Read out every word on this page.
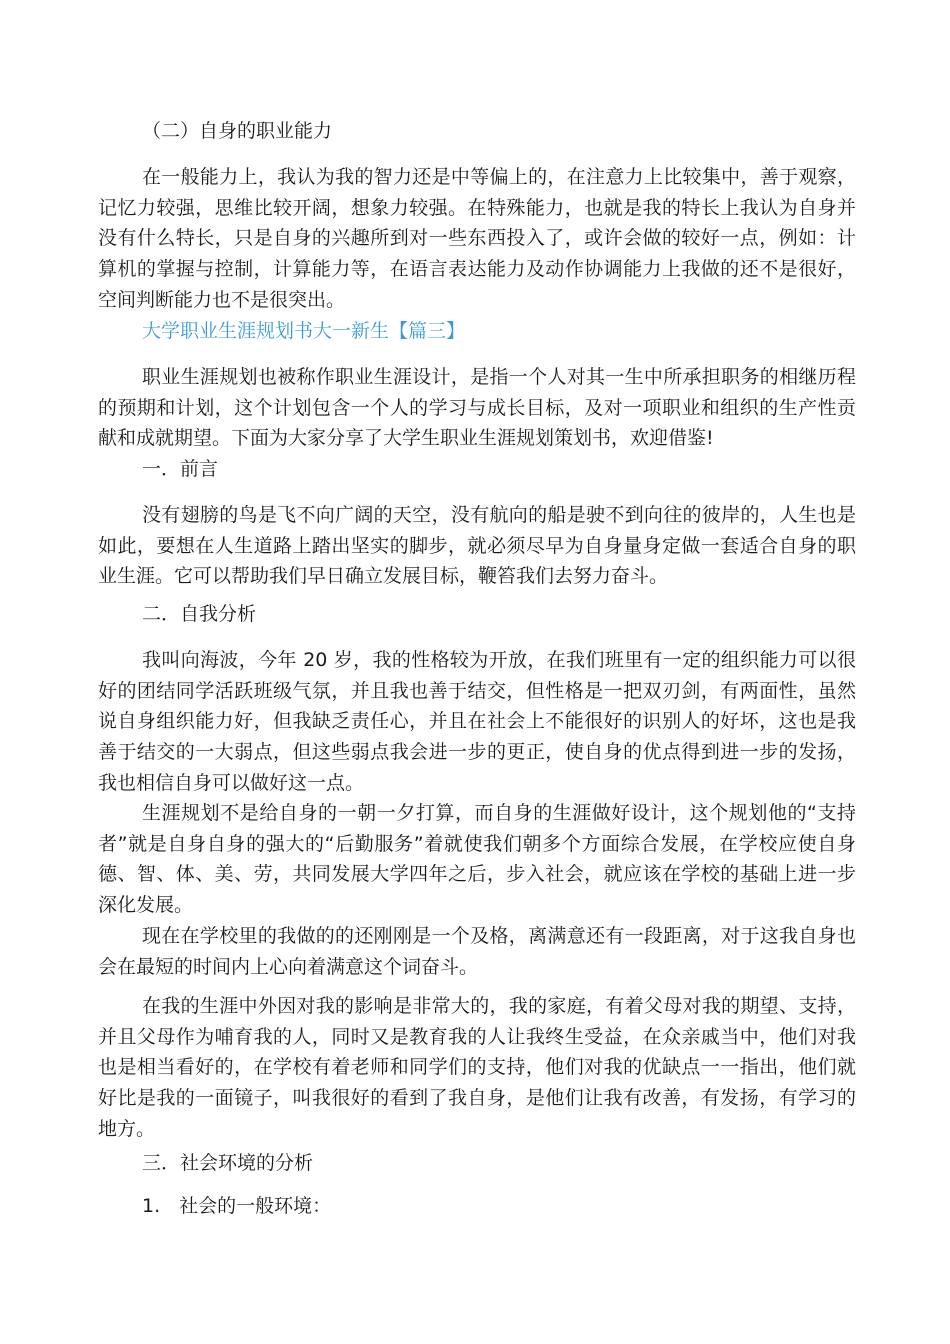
（二）自身的职业能力

在一般能力上，我认为我的智力还是中等偏上的，在注意力上比较集中，善于观察，记忆力较强，思维比较开阔，想象力较强。在特殊能力，也就是我的特长上我认为自身并没有什么特长，只是自身的兴趣所到对一些东西投入了，或许会做的较好一点，例如：计算机的掌握与控制，计算能力等，在语言表达能力及动作协调能力上我做的还不是很好，空间判断能力也不是很突出。

大学职业生涯规划书大一新生【篇三】

职业生涯规划也被称作职业生涯设计，是指一个人对其一生中所承担职务的相继历程的预期和计划，这个计划包含一个人的学习与成长目标，及对一项职业和组织的生产性贡献和成就期望。下面为大家分享了大学生职业生涯规划策划书，欢迎借鉴!

一．前言

没有翅膀的鸟是飞不向广阔的天空，没有航向的船是驶不到向往的彼岸的，人生也是如此，要想在人生道路上踏出坚实的脚步，就必须尽早为自身量身定做一套适合自身的职业生涯。它可以帮助我们早日确立发展目标，鞭笞我们去努力奋斗。

二．自我分析

我叫向海波，今年 20 岁，我的性格较为开放，在我们班里有一定的组织能力可以很好的团结同学活跃班级气氛，并且我也善于结交，但性格是一把双刃剑，有两面性，虽然说自身组织能力好，但我缺乏责任心，并且在社会上不能很好的识别人的好坏，这也是我善于结交的一大弱点，但这些弱点我会进一步的更正，使自身的优点得到进一步的发扬，我也相信自身可以做好这一点。

生涯规划不是给自身的一朝一夕打算，而自身的生涯做好设计，这个规划他的“支持者”就是自身自身的强大的“后勤服务”着就使我们朝多个方面综合发展，在学校应使自身德、智、体、美、劳，共同发展大学四年之后，步入社会，就应该在学校的基础上进一步深化发展。

现在在学校里的我做的的还刚刚是一个及格，离满意还有一段距离，对于这我自身也会在最短的时间内上心向着满意这个词奋斗。

在我的生涯中外因对我的影响是非常大的，我的家庭，有着父母对我的期望、支持，并且父母作为哺育我的人，同时又是教育我的人让我终生受益，在众亲戚当中，他们对我也是相当看好的，在学校有着老师和同学们的支持，他们对我的优缺点一一指出，他们就好比是我的一面镜子，叫我很好的看到了我自身，是他们让我有改善，有发扬，有学习的地方。

三．社会环境的分析

1.　社会的一般环境：
